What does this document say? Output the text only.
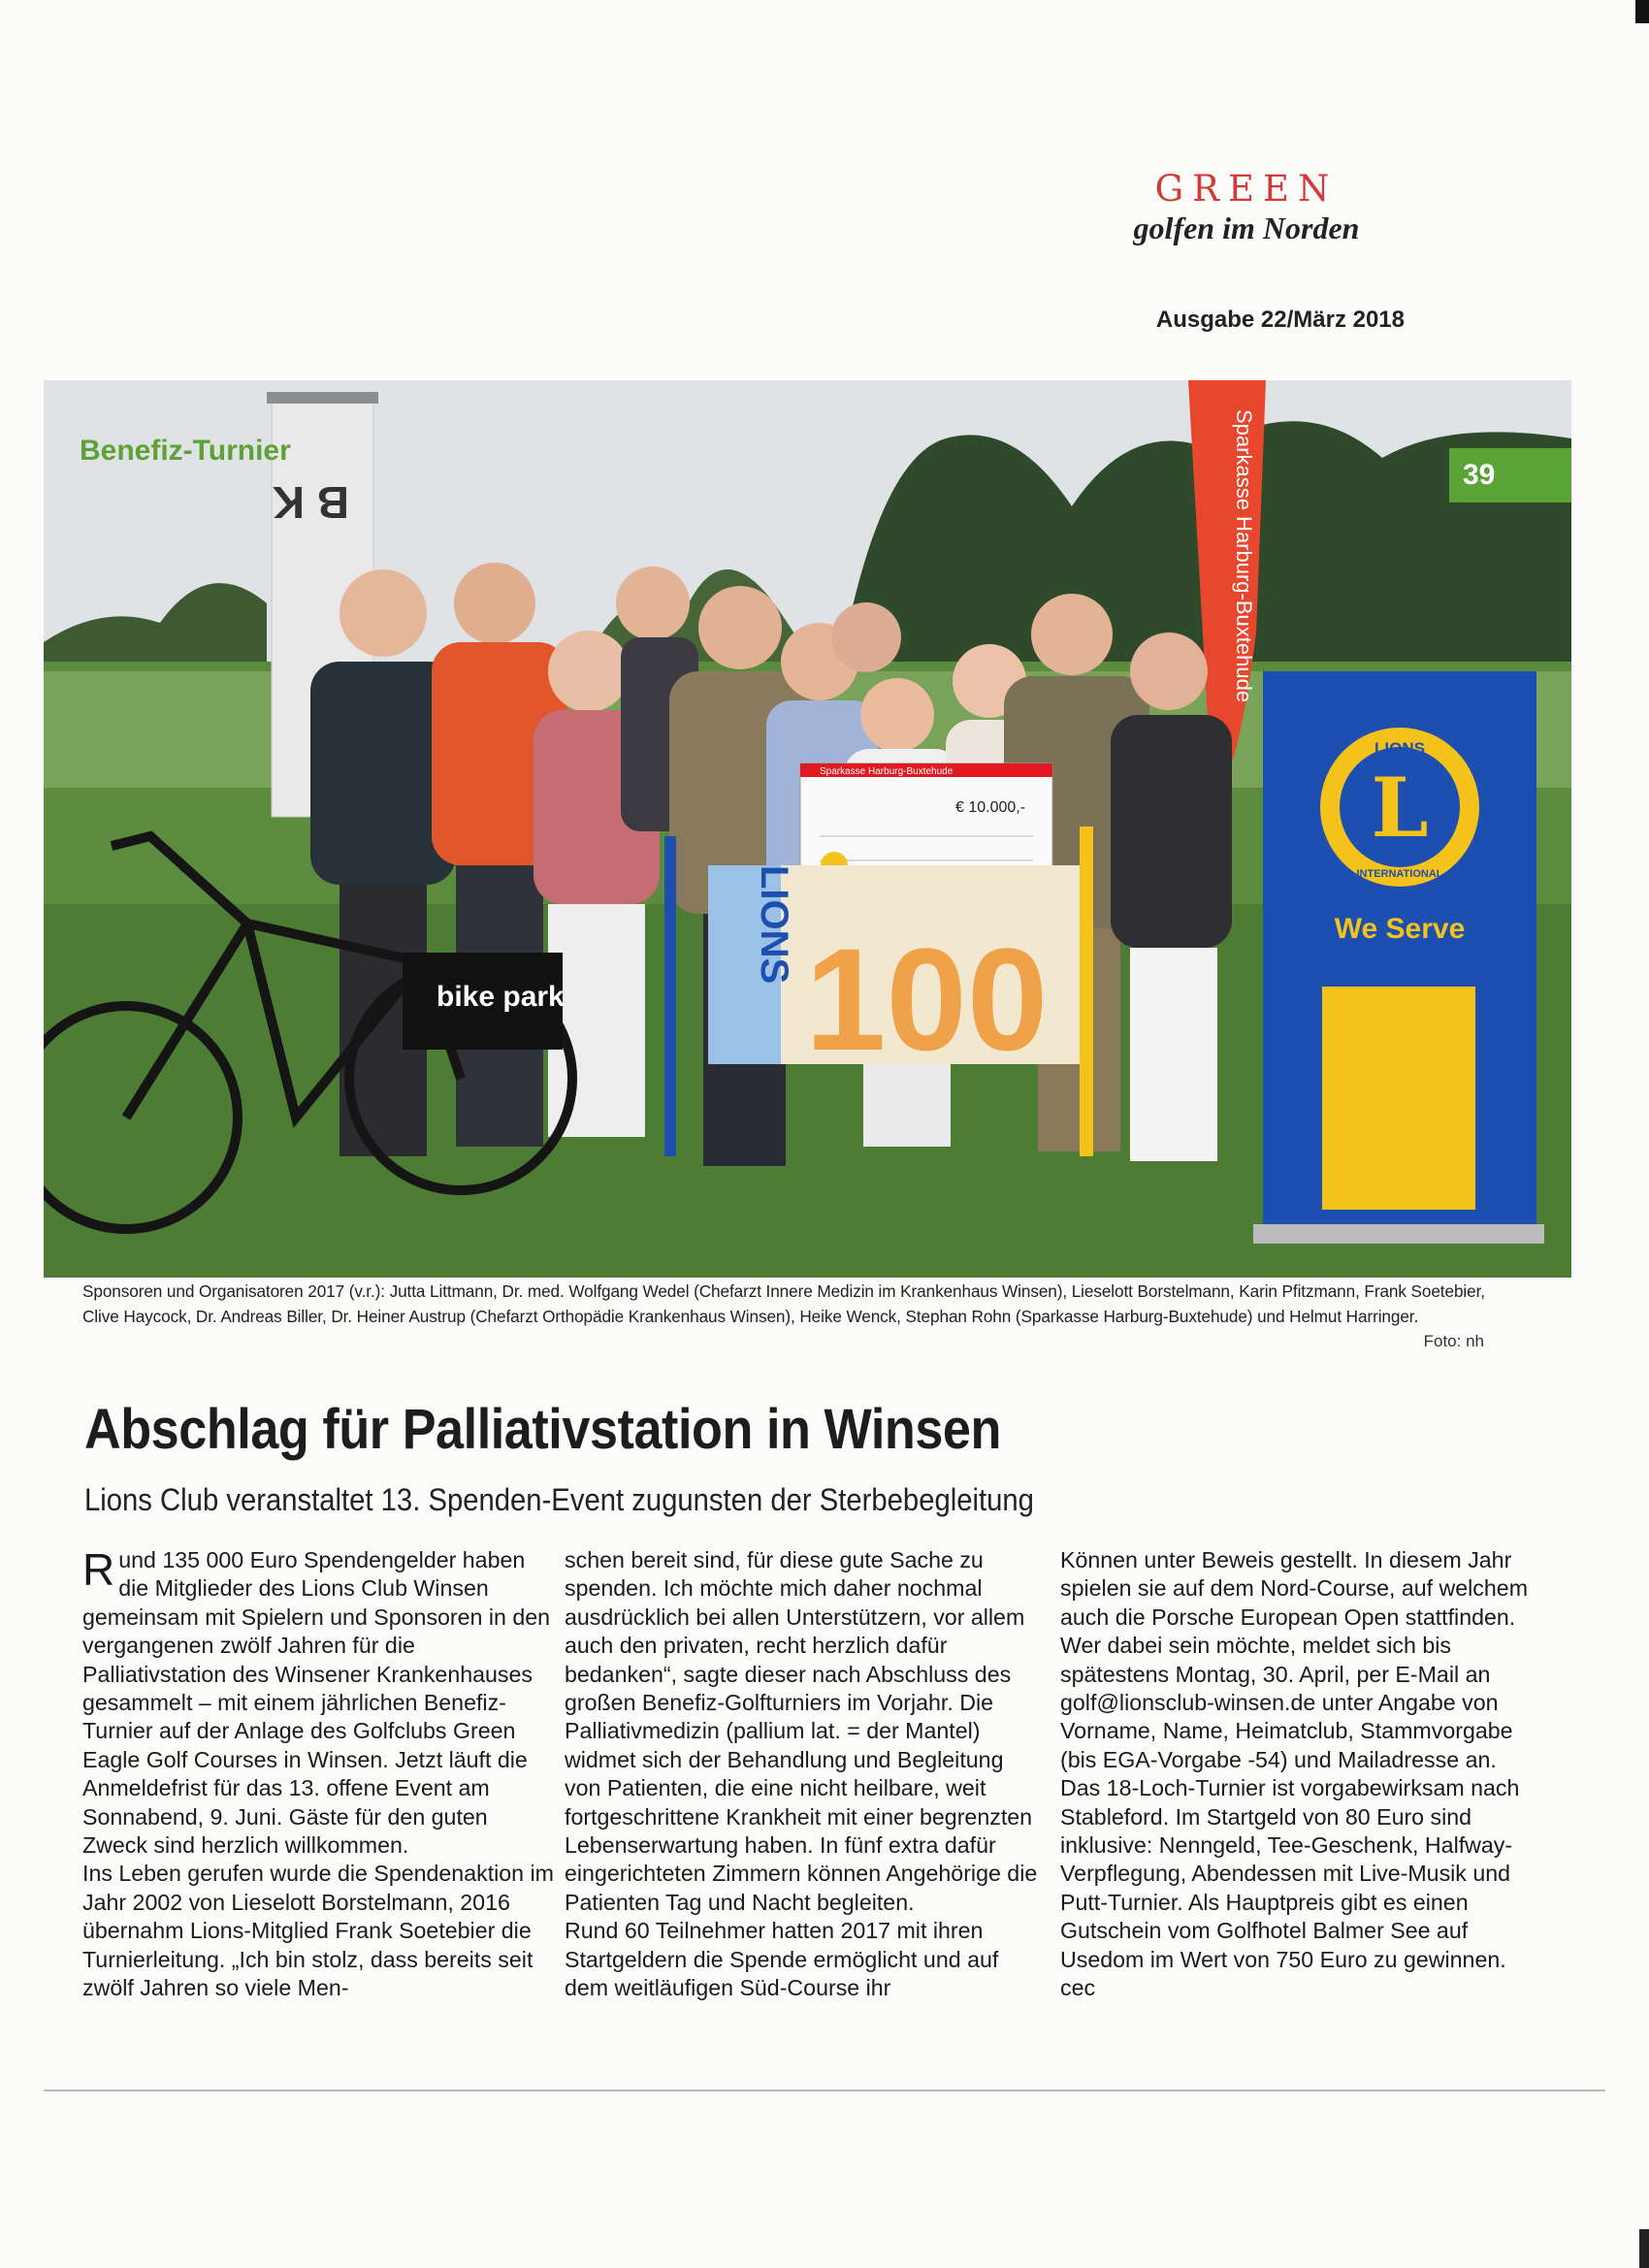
GREEN
golfen im Norden
Ausgabe 22/März 2018
B K	Sparkasse Harburg-Buxtehude
L
LIONS
INTERNATIONAL
We Serve
Sparkasse Harburg-Buxtehude
€ 10.000,-
LIONS 100
bike park
Benefiz-Turnier
39
Sponsoren und Organisatoren 2017 (v.r.): Jutta Littmann, Dr. med. Wolfgang Wedel (Chefarzt Innere Medizin im Krankenhaus Winsen), Lieselott Borstelmann, Karin Pfitzmann, Frank Soetebier, Clive Haycock, Dr. Andreas Biller, Dr. Heiner Austrup (Chefarzt Orthopädie Krankenhaus Winsen), Heike Wenck, Stephan Rohn (Sparkasse Harburg-Buxtehude) und Helmut Harringer.
Foto: nh
Abschlag für Palliativstation in Winsen
Lions Club veranstaltet 13. Spenden-Event zugunsten der Sterbebegleitung
Rund 135 000 Euro Spendengelder haben die Mitglieder des Lions Club Winsen gemeinsam mit Spielern und Sponsoren in den vergangenen zwölf Jahren für die Palliativstation des Winsener Krankenhauses gesammelt – mit einem jährlichen Benefiz-Turnier auf der Anlage des Golfclubs Green Eagle Golf Courses in Winsen. Jetzt läuft die Anmeldefrist für das 13. offene Event am Sonnabend, 9. Juni. Gäste für den guten Zweck sind herzlich willkommen.
Ins Leben gerufen wurde die Spendenaktion im Jahr 2002 von Lieselott Borstelmann, 2016 übernahm Lions-Mitglied Frank Soetebier die Turnierleitung. „Ich bin stolz, dass bereits seit zwölf Jahren so viele Men-
schen bereit sind, für diese gute Sache zu spenden. Ich möchte mich daher nochmal ausdrücklich bei allen Unterstützern, vor allem auch den privaten, recht herzlich dafür bedanken“, sagte dieser nach Abschluss des großen Benefiz-Golfturniers im Vorjahr. Die Palliativmedizin (pallium lat. = der Mantel) widmet sich der Behandlung und Begleitung von Patienten, die eine nicht heilbare, weit fortgeschrittene Krankheit mit einer begrenzten Lebenserwartung haben. In fünf extra dafür eingerichteten Zimmern können Angehörige die Patienten Tag und Nacht begleiten.
Rund 60 Teilnehmer hatten 2017 mit ihren Startgeldern die Spende ermöglicht und auf dem weitläufigen Süd-Course ihr
Können unter Beweis gestellt. In diesem Jahr spielen sie auf dem Nord-Course, auf welchem auch die Porsche European Open stattfinden. Wer dabei sein möchte, meldet sich bis spätestens Montag, 30. April, per E-Mail an golf@lionsclub-winsen.de unter Angabe von Vorname, Name, Heimatclub, Stammvorgabe (bis EGA-Vorgabe -54) und Mailadresse an. Das 18-Loch-Turnier ist vorgabewirksam nach Stableford. Im Startgeld von 80 Euro sind inklusive: Nenngeld, Tee-Geschenk, Halfway-Verpflegung, Abendessen mit Live-Musik und Putt-Turnier. Als Hauptpreis gibt es einen Gutschein vom Golfhotel Balmer See auf Usedom im Wert von 750 Euro zu gewinnen. cec
